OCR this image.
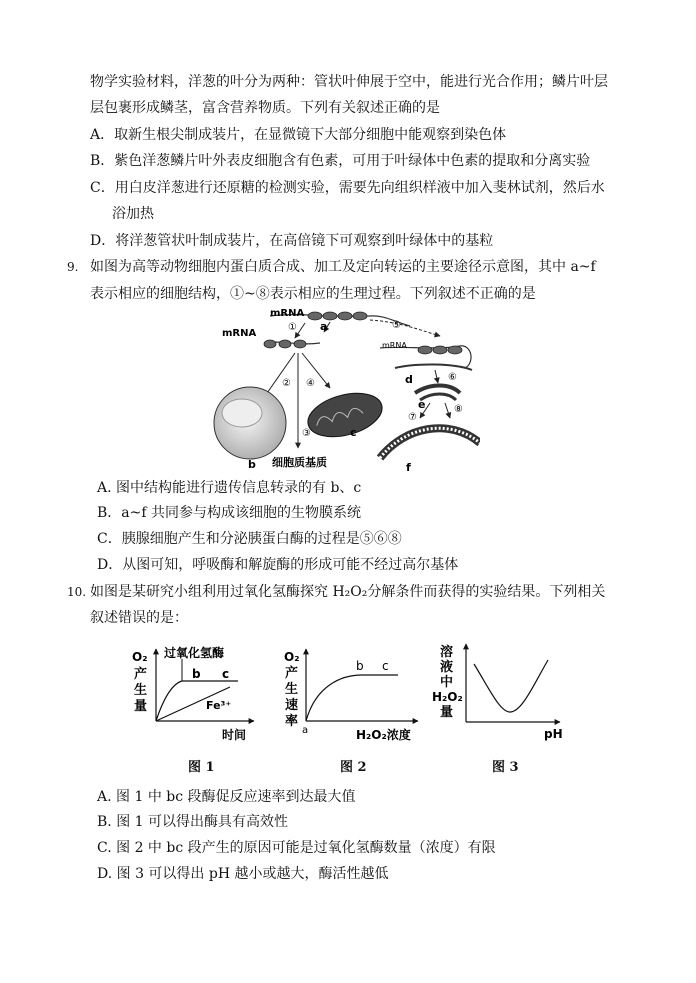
物学实验材料，洋葱的叶分为两种：管状叶伸展于空中，能进行光合作用；鳞片叶层
层包裹形成鳞茎，富含营养物质。下列有关叙述正确的是
A．取新生根尖制成装片，在显微镜下大部分细胞中能观察到染色体
B．紫色洋葱鳞片叶外表皮细胞含有色素，可用于叶绿体中色素的提取和分离实验
C．用白皮洋葱进行还原糖的检测实验，需要先向组织样液中加入斐林试剂，然后水
浴加热
D．将洋葱管状叶制成装片，在高倍镜下可观察到叶绿体中的基粒
9. 如图为高等动物细胞内蛋白质合成、加工及定向转运的主要途径示意图，其中 a~f
表示相应的细胞结构，①~⑧表示相应的生理过程。下列叙述不正确的是
mRNA
mRNA
mRNA
a
b
c
d
e
f
①
②
③
④
⑤
⑥
⑦
⑧
细胞质基质
A. 图中结构能进行遗传信息转录的有 b、c
B．a~f 共同参与构成该细胞的生物膜系统
C．胰腺细胞产生和分泌胰蛋白酶的过程是⑤⑥⑧
D．从图可知，呼吸酶和解旋酶的形成可能不经过高尔基体
10. 如图是某研究小组利用过氧化氢酶探究 H₂O₂分解条件而获得的实验结果。下列相关
叙述错误的是：
O₂
产
生
量
过氧化氢酶
b c
Fe³⁺
时间
O₂
产
生
速
率
a
b c
H₂O₂浓度
溶
液
中
H₂O₂
量
pH
图 1	图 2	图 3
A. 图 1 中 bc 段酶促反应速率到达最大值
B. 图 1 可以得出酶具有高效性
C. 图 2 中 bc 段产生的原因可能是过氧化氢酶数量（浓度）有限
D. 图 3 可以得出 pH 越小或越大，酶活性越低
